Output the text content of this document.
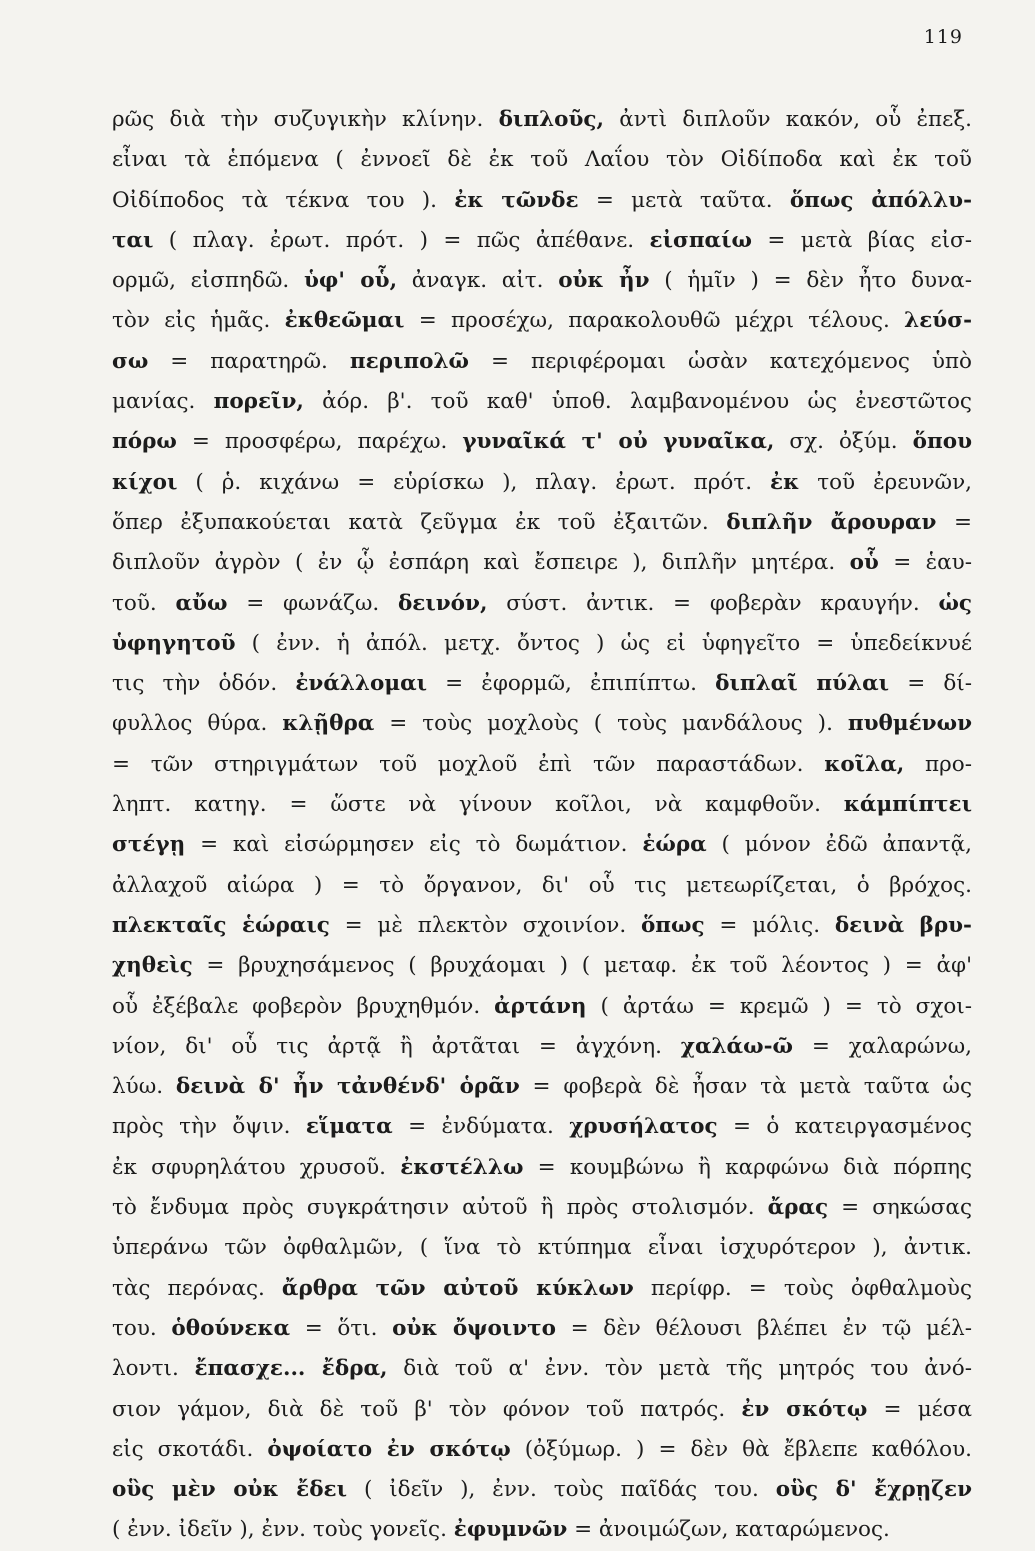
119
ρῶς διὰ τὴν συζυγικὴν κλίνην. διπλοῦς, ἀντὶ διπλοῦν κακόν, οὗ ἐπεξ.
εἶναι τὰ ἑπόμενα ( ἐννοεῖ δὲ ἐκ τοῦ Λαΐου τὸν Οἰδίποδα καὶ ἐκ τοῦ
Οἰδίποδος τὰ τέκνα του ). ἐκ τῶνδε = μετὰ ταῦτα. ὅπως ἀπόλλυ-
ται ( πλαγ. ἐρωτ. πρότ. ) = πῶς ἀπέθανε. εἰσπαίω = μετὰ βίας εἰσ-
ορμῶ, εἰσπηδῶ. ὑφ' οὗ, ἀναγκ. αἰτ. οὐκ ἦν ( ἡμῖν ) = δὲν ἦτο δυνα-
τὸν εἰς ἡμᾶς. ἐκθεῶμαι = προσέχω, παρακολουθῶ μέχρι τέλους. λεύσ-
σω = παρατηρῶ. περιπολῶ = περιφέρομαι ὡσὰν κατεχόμενος ὑπὸ
μανίας. πορεῖν, ἀόρ. β'. τοῦ καθ' ὑποθ. λαμβανομένου ὡς ἐνεστῶτος
πόρω = προσφέρω, παρέχω. γυναῖκά τ' οὐ γυναῖκα, σχ. ὀξύμ. ὅπου
κίχοι ( ῥ. κιχάνω = εὑρίσκω ), πλαγ. ἐρωτ. πρότ. ἐκ τοῦ ἐρευνῶν,
ὅπερ ἐξυπακούεται κατὰ ζεῦγμα ἐκ τοῦ ἐξαιτῶν. διπλῆν ἄρουραν =
διπλοῦν ἀγρὸν ( ἐν ᾧ ἐσπάρη καὶ ἔσπειρε ), διπλῆν μητέρα. οὗ = ἑαυ-
τοῦ. αὔω = φωνάζω. δεινόν, σύστ. ἀντικ. = φοβερὰν κραυγήν. ὡς
ὑφηγητοῦ ( ἐνν. ἡ ἀπόλ. μετχ. ὄντος ) ὡς εἰ ὑφηγεῖτο = ὑπεδείκνυέ
τις τὴν ὁδόν. ἐνάλλομαι = ἐφορμῶ, ἐπιπίπτω. διπλαῖ πύλαι = δί-
φυλλος θύρα. κλῇθρα = τοὺς μοχλοὺς ( τοὺς μανδάλους ). πυθμένων
= τῶν στηριγμάτων τοῦ μοχλοῦ ἐπὶ τῶν παραστάδων. κοῖλα, προ-
ληπτ. κατηγ. = ὥστε νὰ γίνουν κοῖλοι, νὰ καμφθοῦν. κάμπίπτει
στέγῃ = καὶ εἰσώρμησεν εἰς τὸ δωμάτιον. ἑώρα ( μόνον ἐδῶ ἀπαντᾷ,
ἀλλαχοῦ αἰώρα ) = τὸ ὄργανον, δι' οὗ τις μετεωρίζεται, ὁ βρόχος.
πλεκταῖς ἑώραις = μὲ πλεκτὸν σχοινίον. ὅπως = μόλις. δεινὰ βρυ-
χηθεὶς = βρυχησάμενος ( βρυχάομαι ) ( μεταφ. ἐκ τοῦ λέοντος ) = ἀφ'
οὗ ἐξέβαλε φοβερὸν βρυχηθμόν. ἀρτάνη ( ἀρτάω = κρεμῶ ) = τὸ σχοι-
νίον, δι' οὗ τις ἀρτᾷ ἢ ἀρτᾶται = ἀγχόνη. χαλάω-ῶ = χαλαρώνω,
λύω. δεινὰ δ' ἦν τἀνθένδ' ὁρᾶν = φοβερὰ δὲ ἦσαν τὰ μετὰ ταῦτα ὡς
πρὸς τὴν ὄψιν. εἵματα = ἐνδύματα. χρυσήλατος = ὁ κατειργασμένος
ἐκ σφυρηλάτου χρυσοῦ. ἐκστέλλω = κουμβώνω ἢ καρφώνω διὰ πόρπης
τὸ ἔνδυμα πρὸς συγκράτησιν αὐτοῦ ἢ πρὸς στολισμόν. ἄρας = σηκώσας
ὑπεράνω τῶν ὀφθαλμῶν, ( ἵνα τὸ κτύπημα εἶναι ἰσχυρότερον ), ἀντικ.
τὰς περόνας. ἄρθρα τῶν αὐτοῦ κύκλων περίφρ. = τοὺς ὀφθαλμοὺς
του. ὁθούνεκα = ὅτι. οὐκ ὄψοιντο = δὲν θέλουσι βλέπει ἐν τῷ μέλ-
λοντι. ἔπασχε... ἔδρα, διὰ τοῦ α' ἐνν. τὸν μετὰ τῆς μητρός του ἀνό-
σιον γάμον, διὰ δὲ τοῦ β' τὸν φόνον τοῦ πατρός. ἐν σκότῳ = μέσα
εἰς σκοτάδι. ὀψοίατο ἐν σκότῳ (ὀξύμωρ. ) = δὲν θὰ ἔβλεπε καθόλου.
οὓς μὲν οὐκ ἔδει ( ἰδεῖν ), ἐνν. τοὺς παῖδάς του. οὓς δ' ἔχρῃζεν
( ἐνν. ἰδεῖν ), ἐνν. τοὺς γονεῖς. ἐφυμνῶν = ἀνοιμώζων, καταρώμενος.
